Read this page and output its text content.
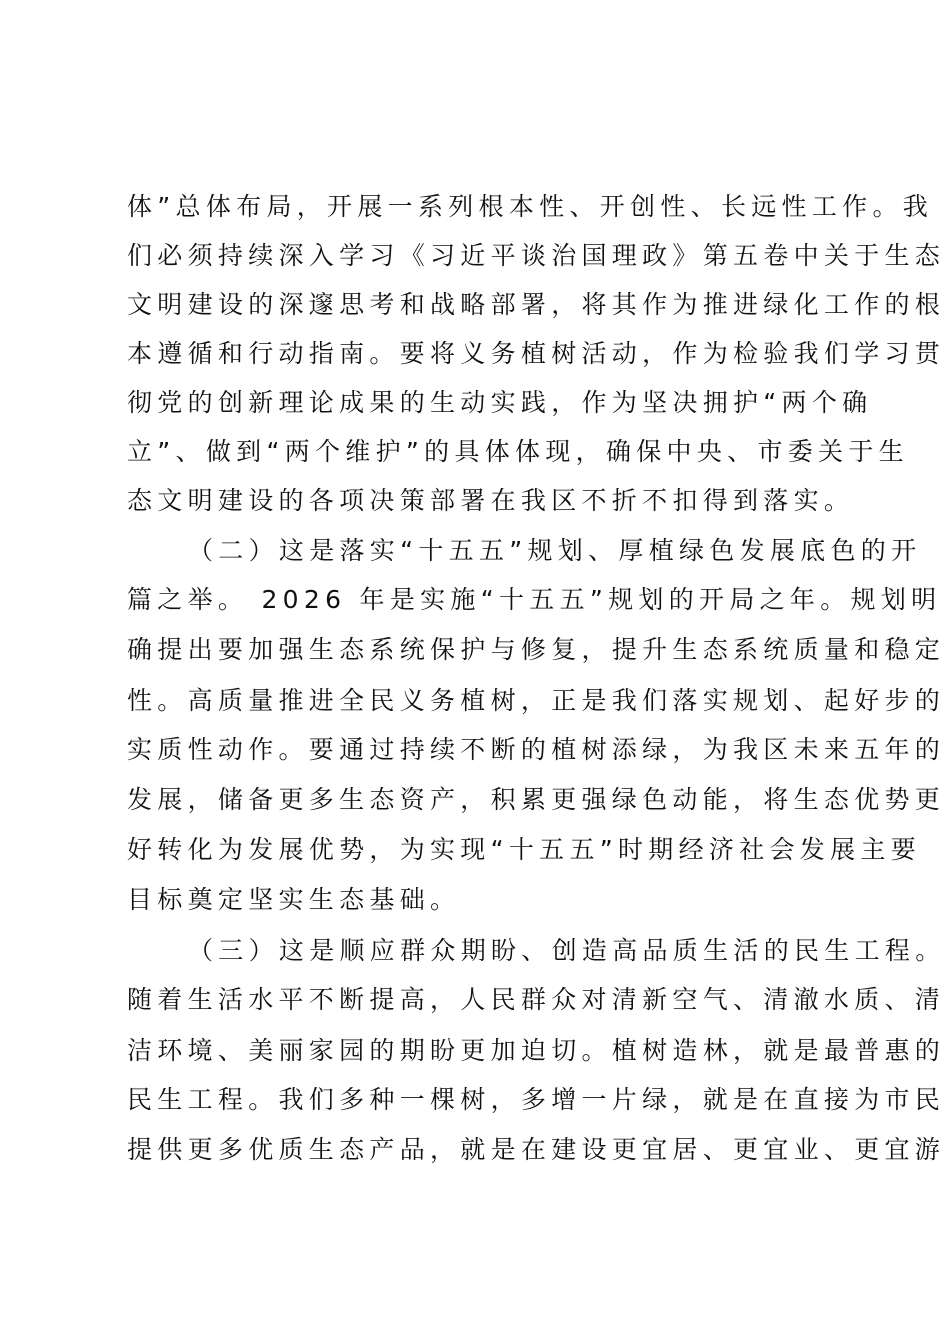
体”总体布局，开展一系列根本性、开创性、长远性工作。我
们必须持续深入学习《习近平谈治国理政》第五卷中关于生态
文明建设的深邃思考和战略部署，将其作为推进绿化工作的根
本遵循和行动指南。要将义务植树活动，作为检验我们学习贯
彻党的创新理论成果的生动实践，作为坚决拥护“两个确
立”、做到“两个维护”的具体体现，确保中央、市委关于生
态文明建设的各项决策部署在我区不折不扣得到落实。
（二）这是落实“十五五”规划、厚植绿色发展底色的开
篇之举。 2026 年是实施“十五五”规划的开局之年。规划明
确提出要加强生态系统保护与修复，提升生态系统质量和稳定
性。高质量推进全民义务植树，正是我们落实规划、起好步的
实质性动作。要通过持续不断的植树添绿，为我区未来五年的
发展，储备更多生态资产，积累更强绿色动能，将生态优势更
好转化为发展优势，为实现“十五五”时期经济社会发展主要
目标奠定坚实生态基础。
（三）这是顺应群众期盼、创造高品质生活的民生工程。
随着生活水平不断提高，人民群众对清新空气、清澈水质、清
洁环境、美丽家园的期盼更加迫切。植树造林，就是最普惠的
民生工程。我们多种一棵树，多增一片绿，就是在直接为市民
提供更多优质生态产品，就是在建设更宜居、更宜业、更宜游
